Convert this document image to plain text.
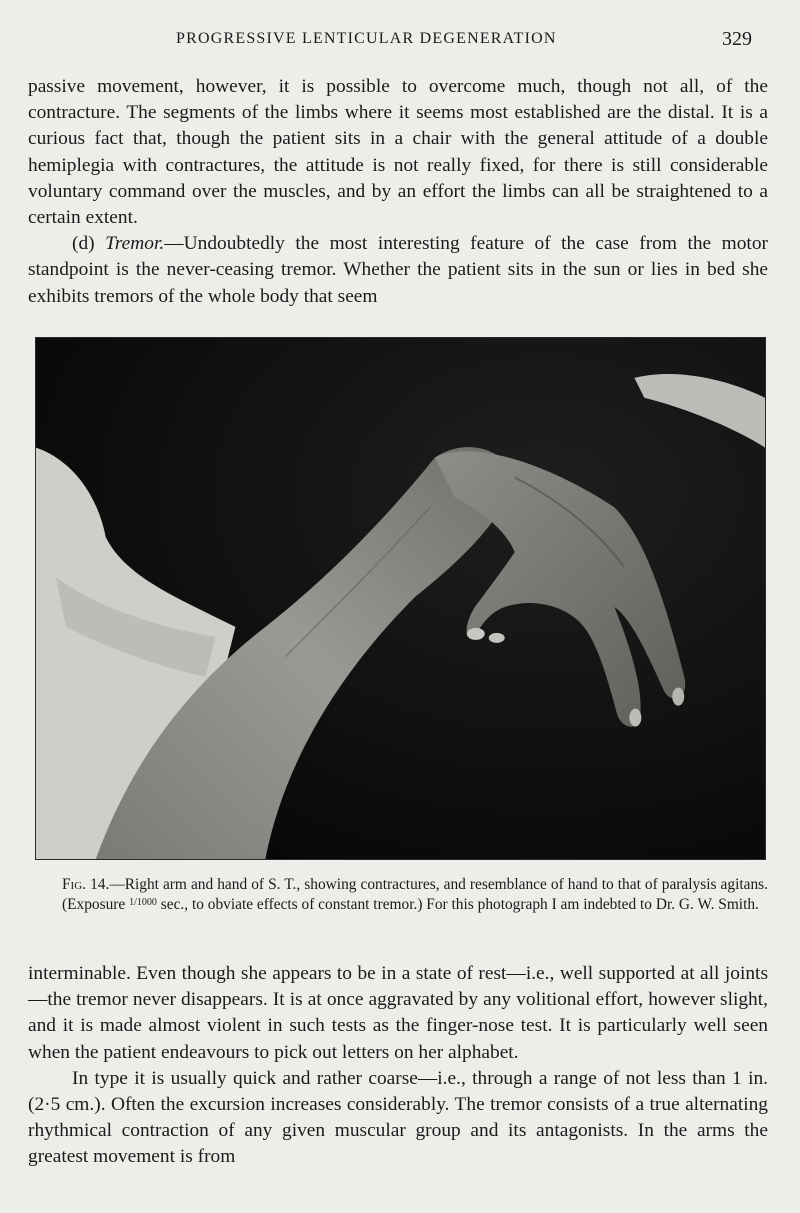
PROGRESSIVE LENTICULAR DEGENERATION	329

passive movement, however, it is possible to overcome much, though not all, of the contracture. The segments of the limbs where it seems most established are the distal. It is a curious fact that, though the patient sits in a chair with the general attitude of a double hemiplegia with contractures, the attitude is not really fixed, for there is still considerable voluntary command over the muscles, and by an effort the limbs can all be straightened to a certain extent.

(d) Tremor.—Undoubtedly the most interesting feature of the case from the motor standpoint is the never-ceasing tremor. Whether the patient sits in the sun or lies in bed she exhibits tremors of the whole body that seem

Fig. 14.—Right arm and hand of S. T., showing contractures, and resemblance of hand to that of paralysis agitans. (Exposure $^{1/1000}$ sec., to obviate effects of constant tremor.) For this photograph I am indebted to Dr. G. W. Smith.

interminable. Even though she appears to be in a state of rest—i.e., well supported at all joints—the tremor never disappears. It is at once aggravated by any volitional effort, however slight, and it is made almost violent in such tests as the finger-nose test. It is particularly well seen when the patient endeavours to pick out letters on her alphabet.

In type it is usually quick and rather coarse—i.e., through a range of not less than 1 in. (2·5 cm.). Often the excursion increases considerably. The tremor consists of a true alternating rhythmical contraction of any given muscular group and its antagonists. In the arms the greatest movement is from
